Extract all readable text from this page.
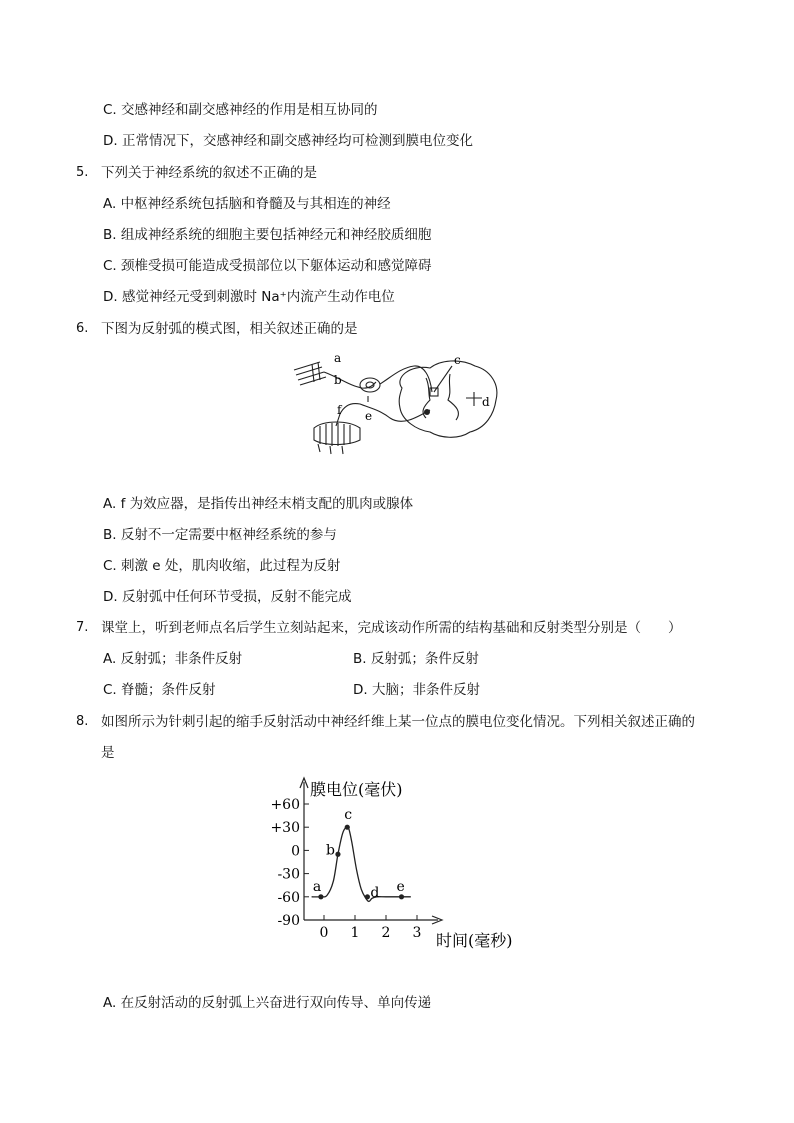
C. 交感神经和副交感神经的作用是相互协同的
D. 正常情况下，交感神经和副交感神经均可检测到膜电位变化
5. 下列关于神经系统的叙述不正确的是
A. 中枢神经系统包括脑和脊髓及与其相连的神经
B. 组成神经系统的细胞主要包括神经元和神经胶质细胞
C. 颈椎受损可能造成受损部位以下躯体运动和感觉障碍
D. 感觉神经元受到刺激时 Na⁺内流产生动作电位
6. 下图为反射弧的模式图，相关叙述正确的是
a
b
c
d
e
f
A. f 为效应器，是指传出神经末梢支配的肌肉或腺体
B. 反射不一定需要中枢神经系统的参与
C. 刺激 e 处，肌肉收缩，此过程为反射
D. 反射弧中任何环节受损，反射不能完成
7. 课堂上，听到老师点名后学生立刻站起来，完成该动作所需的结构基础和反射类型分别是（　　）
A. 反射弧；非条件反射	B. 反射弧；条件反射
C. 脊髓；条件反射	D. 大脑；非条件反射
8. 如图所示为针刺引起的缩手反射活动中神经纤维上某一位点的膜电位变化情况。下列相关叙述正确的
是
+60
+30
0
-30
-60
-90
0 1 2 3
a
b
c
d e
膜电位(毫伏)
时间(毫秒)
A. 在反射活动的反射弧上兴奋进行双向传导、单向传递
